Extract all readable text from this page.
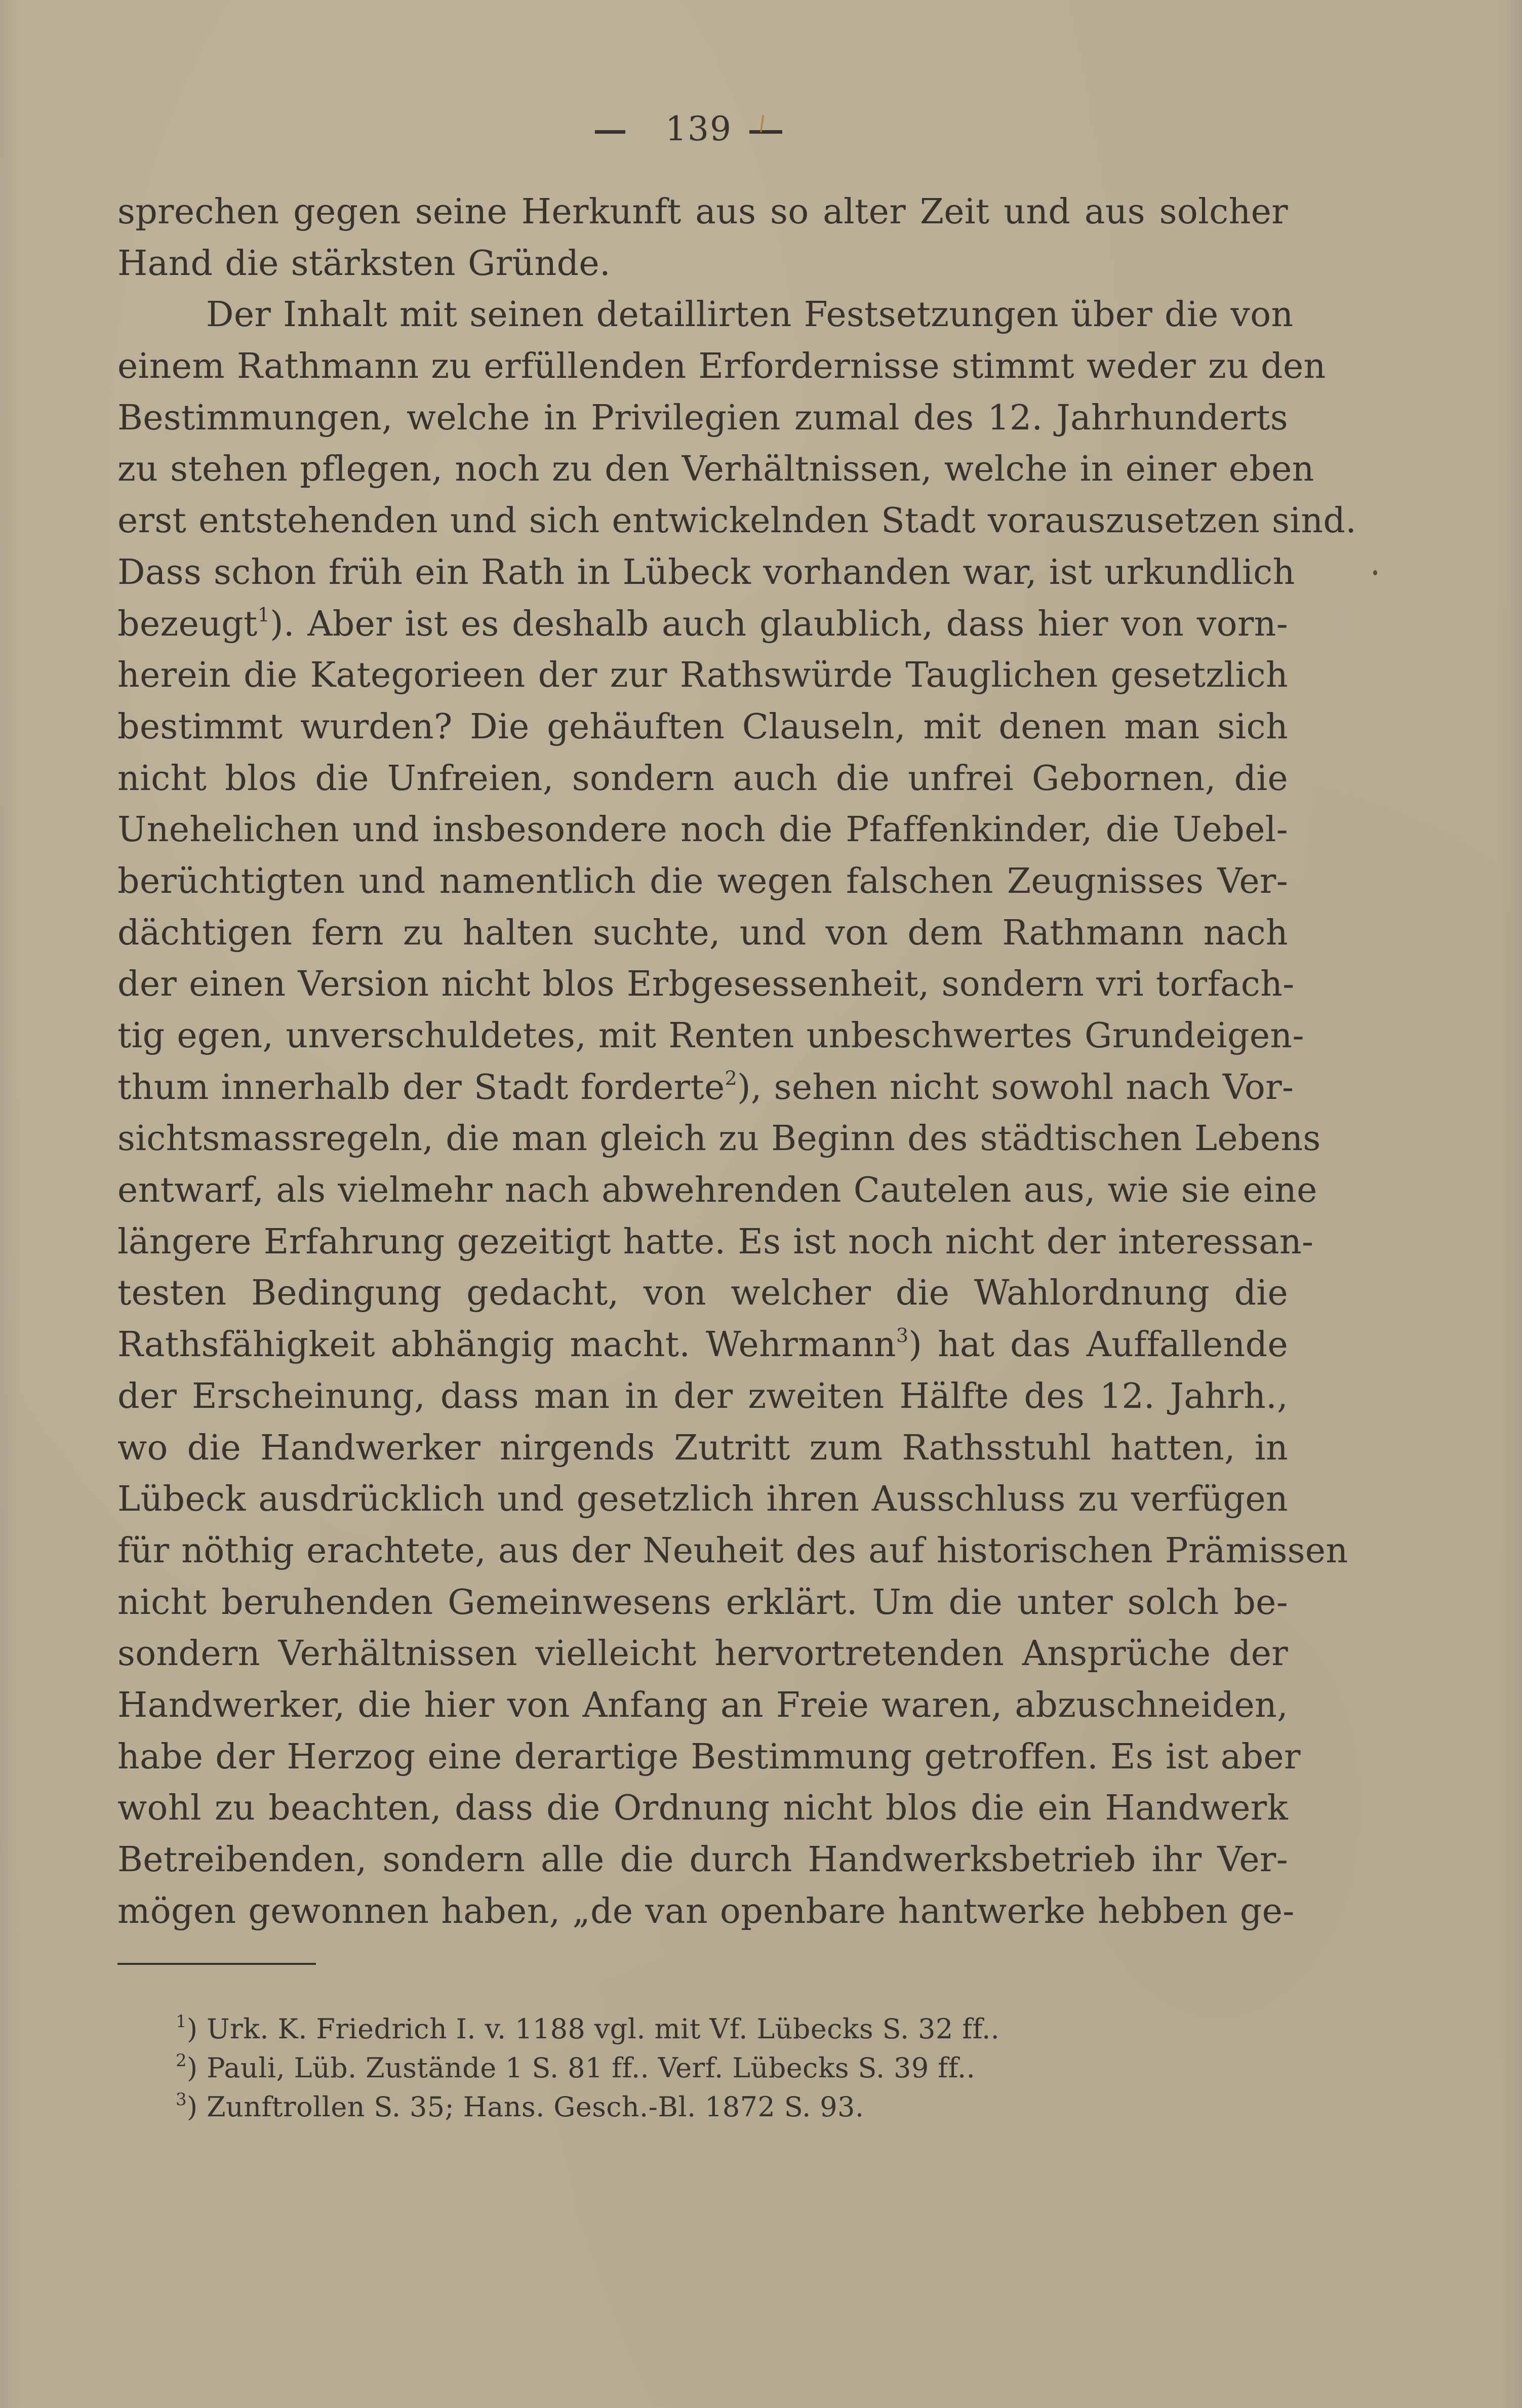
139
sprechen gegen seine Herkunft aus so alter Zeit und aus solcher
Hand die stärksten Gründe.
Der Inhalt mit seinen detaillirten Festsetzungen über die von
einem Rathmann zu erfüllenden Erfordernisse stimmt weder zu den
Bestimmungen, welche in Privilegien zumal des 12. Jahrhunderts
zu stehen pflegen, noch zu den Verhältnissen, welche in einer eben
erst entstehenden und sich entwickelnden Stadt vorauszusetzen sind.
Dass schon früh ein Rath in Lübeck vorhanden war, ist urkundlich
bezeugt$^1$). Aber ist es deshalb auch glaublich, dass hier von vorn-
herein die Kategorieen der zur Rathswürde Tauglichen gesetzlich
bestimmt wurden? Die gehäuften Clauseln, mit denen man sich
nicht blos die Unfreien, sondern auch die unfrei Gebornen, die
Unehelichen und insbesondere noch die Pfaffenkinder, die Uebel-
berüchtigten und namentlich die wegen falschen Zeugnisses Ver-
dächtigen fern zu halten suchte, und von dem Rathmann nach
der einen Version nicht blos Erbgesessenheit, sondern vri torfach-
tig egen, unverschuldetes, mit Renten unbeschwertes Grundeigen-
thum innerhalb der Stadt forderte$^2$), sehen nicht sowohl nach Vor-
sichtsmassregeln, die man gleich zu Beginn des städtischen Lebens
entwarf, als vielmehr nach abwehrenden Cautelen aus, wie sie eine
längere Erfahrung gezeitigt hatte. Es ist noch nicht der interessan-
testen Bedingung gedacht, von welcher die Wahlordnung die
Rathsfähigkeit abhängig macht. Wehrmann$^3$) hat das Auffallende
der Erscheinung, dass man in der zweiten Hälfte des 12. Jahrh.,
wo die Handwerker nirgends Zutritt zum Rathsstuhl hatten, in
Lübeck ausdrücklich und gesetzlich ihren Ausschluss zu verfügen
für nöthig erachtete, aus der Neuheit des auf historischen Prämissen
nicht beruhenden Gemeinwesens erklärt. Um die unter solch be-
sondern Verhältnissen vielleicht hervortretenden Ansprüche der
Handwerker, die hier von Anfang an Freie waren, abzuschneiden,
habe der Herzog eine derartige Bestimmung getroffen. Es ist aber
wohl zu beachten, dass die Ordnung nicht blos die ein Handwerk
Betreibenden, sondern alle die durch Handwerksbetrieb ihr Ver-
mögen gewonnen haben, „de van openbare hantwerke hebben ge-
$^1$) Urk. K. Friedrich I. v. 1188 vgl. mit Vf. Lübecks S. 32 ff..
$^2$) Pauli, Lüb. Zustände 1 S. 81 ff.. Verf. Lübecks S. 39 ff..
$^3$) Zunftrollen S. 35; Hans. Gesch.-Bl. 1872 S. 93.
